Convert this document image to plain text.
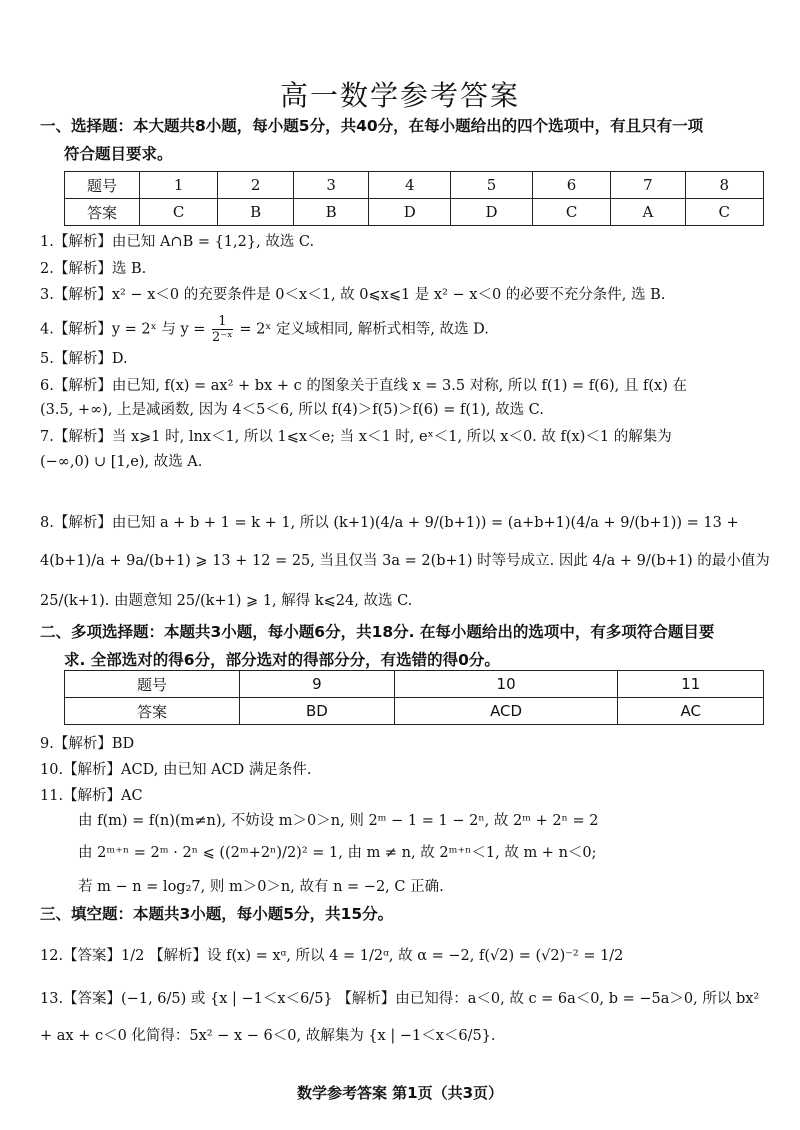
高一数学参考答案
一、选择题：本大题共8小题，每小题5分，共40分，在每小题给出的四个选项中，有且只有一项
符合题目要求。
题号	1	2	3	4	5	6	7	8
答案	C	B	B	D	D	C	A	C
1.【解析】由已知 A∩B = {1,2}, 故选 C.
2.【解析】选 B.
3.【解析】x² − x＜0 的充要条件是 0＜x＜1, 故 0⩽x⩽1 是 x² − x＜0 的必要不充分条件, 选 B.
4.【解析】y = 2ˣ 与 $y = \frac{1}{\text{2⁻ˣ}}$ = 2ˣ 定义域相同, 解析式相等, 故选 D.
5.【解析】D.
6.【解析】由已知, f(x) = ax² + bx + c 的图象关于直线 x = 3.5 对称, 所以 f(1) = f(6), 且 f(x) 在
(3.5, +∞), 上是减函数, 因为 4＜5＜6, 所以 f(4)＞f(5)＞f(6) = f(1), 故选 C.
7.【解析】当 x⩾1 时, lnx＜1, 所以 1⩽x＜e; 当 x＜1 时, eˣ＜1, 所以 x＜0. 故 f(x)＜1 的解集为
(−∞,0) ∪ [1,e), 故选 A.
8.【解析】由已知 a + b + 1 = k + 1, 所以 (k+1)(4/a + 9/(b+1)) = (a+b+1)(4/a + 9/(b+1)) = 13 +
4(b+1)/a + 9a/(b+1) ⩾ 13 + 12 = 25, 当且仅当 3a = 2(b+1) 时等号成立. 因此 4/a + 9/(b+1) 的最小值为
25/(k+1). 由题意知 25/(k+1) ⩾ 1, 解得 k⩽24, 故选 C.
二、多项选择题：本题共3小题，每小题6分，共18分. 在每小题给出的选项中，有多项符合题目要
求. 全部选对的得6分，部分选对的得部分分，有选错的得0分。
题号	9	10	11
答案	BD	ACD	AC
9.【解析】BD
10.【解析】ACD, 由已知 ACD 满足条件.
11.【解析】AC
由 f(m) = f(n)(m≠n), 不妨设 m＞0＞n, 则 2ᵐ − 1 = 1 − 2ⁿ, 故 2ᵐ + 2ⁿ = 2
由 2ᵐ⁺ⁿ = 2ᵐ · 2ⁿ ⩽ ((2ᵐ+2ⁿ)/2)² = 1, 由 m ≠ n, 故 2ᵐ⁺ⁿ＜1, 故 m + n＜0;
若 m − n = log₂7, 则 m＞0＞n, 故有 n = −2, C 正确.
三、填空题：本题共3小题，每小题5分，共15分。
12.【答案】1/2 【解析】设 f(x) = xᵅ, 所以 4 = 1/2ᵅ, 故 α = −2, f(√2) = (√2)⁻² = 1/2
13.【答案】(−1, 6/5) 或 {x | −1＜x＜6/5} 【解析】由已知得：a＜0, 故 c = 6a＜0, b = −5a＞0, 所以 bx²
+ ax + c＜0 化简得：5x² − x − 6＜0, 故解集为 {x | −1＜x＜6/5}.
数学参考答案 第1页（共3页）
